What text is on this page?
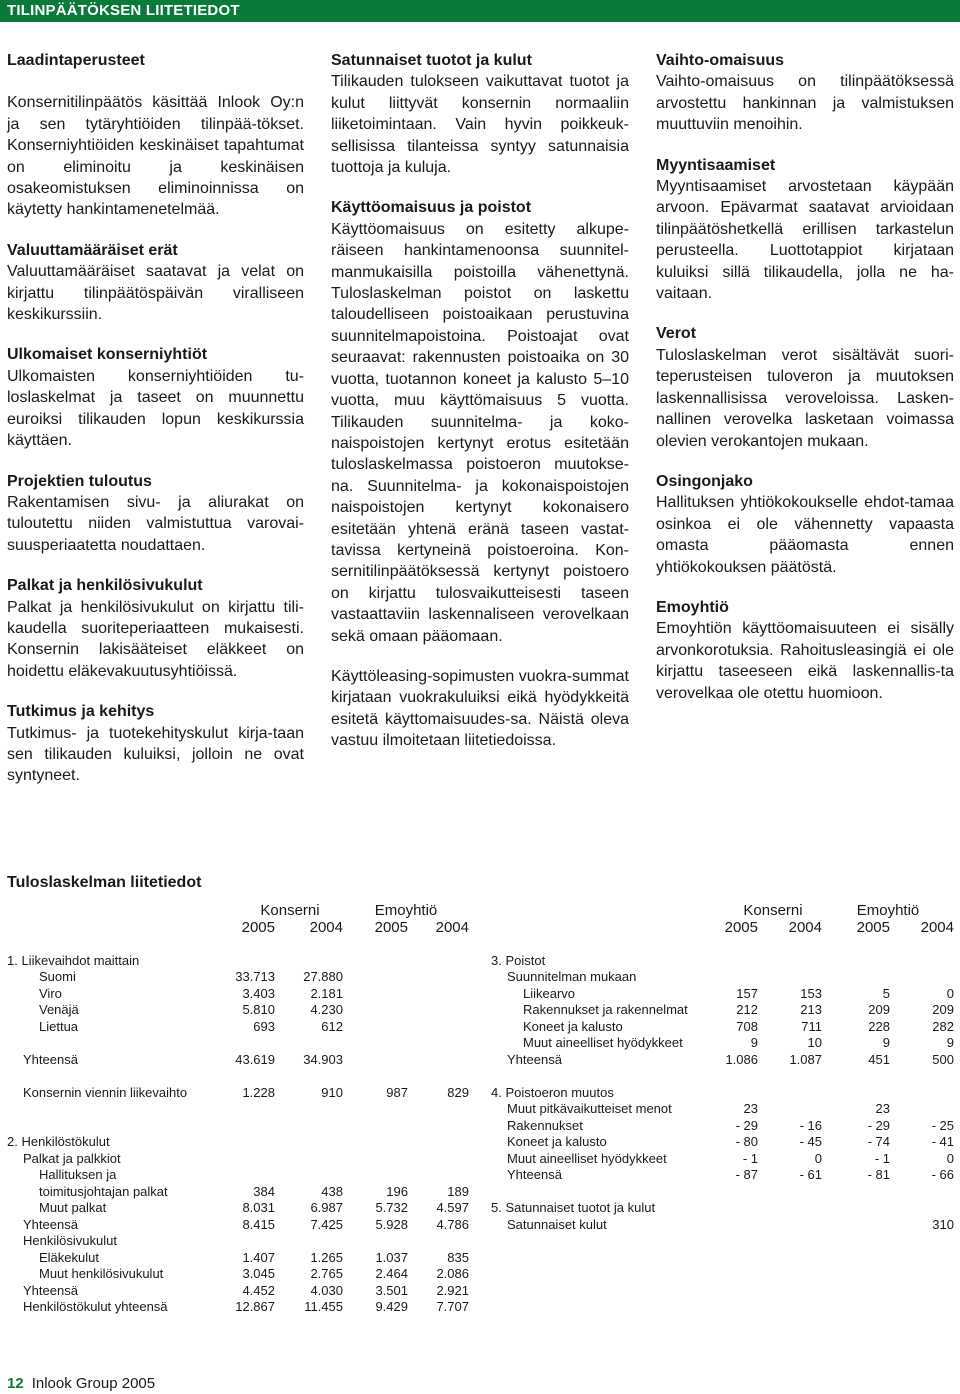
TILINPÄÄTÖKSEN LIITETIEDOT

Laadintaperusteet

Konsernitilinpäätös käsittää Inlook Oy:n ja sen tytäryhtiöiden tilinpää-tökset. Konserniyhtiöiden keskinäiset tapahtumat on eliminoitu ja keskinäisen osakeomistuksen eliminoinnissa on käytetty hankintamenetelmää.

Valuuttamääräiset erät

Valuuttamääräiset saatavat ja velat on kirjattu tilinpäätöspäivän viralliseen keskikurssiin.

Ulkomaiset konserniyhtiöt

Ulkomaisten konserniyhtiöiden tu-loslaskelmat ja taseet on muunnettu euroiksi tilikauden lopun keskikurssia käyttäen.

Projektien tuloutus

Rakentamisen sivu- ja aliurakat on tuloutettu niiden valmistuttua varovai-suusperiaatetta noudattaen.

Palkat ja henkilösivukulut

Palkat ja henkilösivukulut on kirjattu tili-kaudella suoriteperiaatteen mukaisesti. Konsernin lakisääteiset eläkkeet on hoidettu eläkevakuutusyhtiöissä.

Tutkimus ja kehitys

Tutkimus- ja tuotekehityskulut kirja-taan sen tilikauden kuluiksi, jolloin ne ovat syntyneet.

Satunnaiset tuotot ja kulut

Tilikauden tulokseen vaikuttavat tuotot ja kulut liittyvät konsernin normaaliin liiketoimintaan. Vain hyvin poikkeuk-sellisissa tilanteissa syntyy satunnaisia tuottoja ja kuluja.

Käyttöomaisuus ja poistot

Käyttöomaisuus on esitetty alkupe-räiseen hankintamenoonsa suunnitel-manmukaisilla poistoilla vähenettynä. Tuloslaskelman poistot on laskettu taloudelliseen poistoaikaan perustuvina suunnitelmapoistoina. Poistoajat ovat seuraavat: rakennusten poistoaika on 30 vuotta, tuotannon koneet ja kalusto 5–10 vuotta, muu käyttömaisuus 5 vuotta. Tilikauden suunnitelma- ja koko-naispoistojen kertynyt erotus esitetään tuloslaskelmassa poistoeron muutokse-na. Suunnitelma- ja kokonaispoistojen naispoistojen kertynyt kokonaisero esitetään yhtenä eränä taseen vastat-tavissa kertyneinä poistoeroina. Kon-sernitilinpäätöksessä kertynyt poistoero on kirjattu tulosvaikutteisesti taseen vastaattaviin laskennaliseen verovelkaan sekä omaan pääomaan.

Käyttöleasing-sopimusten vuokra-summat kirjataan vuokrakuluiksi eikä hyödykkeitä esitetä käyttomaisuudes-sa. Näistä oleva vastuu ilmoitetaan liitetiedoissa.

Vaihto-omaisuus

Vaihto-omaisuus on tilinpäätöksessä arvostettu hankinnan ja valmistuksen muuttuviin menoihin.

Myyntisaamiset

Myyntisaamiset arvostetaan käypään arvoon. Epävarmat saatavat arvioidaan tilinpäätöshetkellä erillisen tarkastelun perusteella. Luottotappiot kirjataan kuluiksi sillä tilikaudella, jolla ne ha-vaitaan.

Verot

Tuloslaskelman verot sisältävät suori-teperusteisen tuloveron ja muutoksen laskennallisissa veroveloissa. Lasken-nallinen verovelka lasketaan voimassa olevien verokantojen mukaan.

Osingonjako

Hallituksen yhtiökokoukselle ehdot-tamaa osinkoa ei ole vähennetty vapaasta omasta pääomasta ennen yhtiökokouksen päätöstä.

Emoyhtiö

Emoyhtiön käyttöomaisuuteen ei sisälly arvonkorotuksia. Rahoitusleasingiä ei ole kirjattu taseeseen eikä laskennallis-ta verovelkaa ole otettu huomioon.

Tuloslaskelman liitetiedot
	Konserni		Emoyhtiö	
	2005	2004	2005	2004

1. Liikevaihdot maittain				
Suomi	33.713	27.880		
Viro	3.403	2.181		
Venäjä	5.810	4.230		
Liettua	693	612		

Yhteensä	43.619	34.903		

Konsernin viennin liikevaihto	1.228	910	987	829

2. Henkilöstökulut				
Palkat ja palkkiot				
Hallituksen ja				
toimitusjohtajan palkat	384	438	196	189
Muut palkat	8.031	6.987	5.732	4.597
Yhteensä	8.415	7.425	5.928	4.786
Henkilösivukulut				
Eläkekulut	1.407	1.265	1.037	835
Muut henkilösivukulut	3.045	2.765	2.464	2.086
Yhteensä	4.452	4.030	3.501	2.921
Henkilöstökulut yhteensä	12.867	11.455	9.429	7.707
	Konserni		Emoyhtiö	
	2005	2004	2005	2004

3. Poistot				
Suunnitelman mukaan				
Liikearvo	157	153	5	0
Rakennukset ja rakennelmat	212	213	209	209
Koneet ja kalusto	708	711	228	282
Muut aineelliset hyödykkeet	9	10	9	9
Yhteensä	1.086	1.087	451	500

4. Poistoeron muutos				
Muut pitkävaikutteiset menot	23		23	
Rakennukset	- 29	- 16	- 29	- 25
Koneet ja kalusto	- 80	- 45	- 74	- 41
Muut aineelliset hyödykkeet	- 1	0	- 1	0
Yhteensä	- 87	- 61	- 81	- 66

5. Satunnaiset tuotot ja kulut				
Satunnaiset kulut				310
12 Inlook Group 2005
